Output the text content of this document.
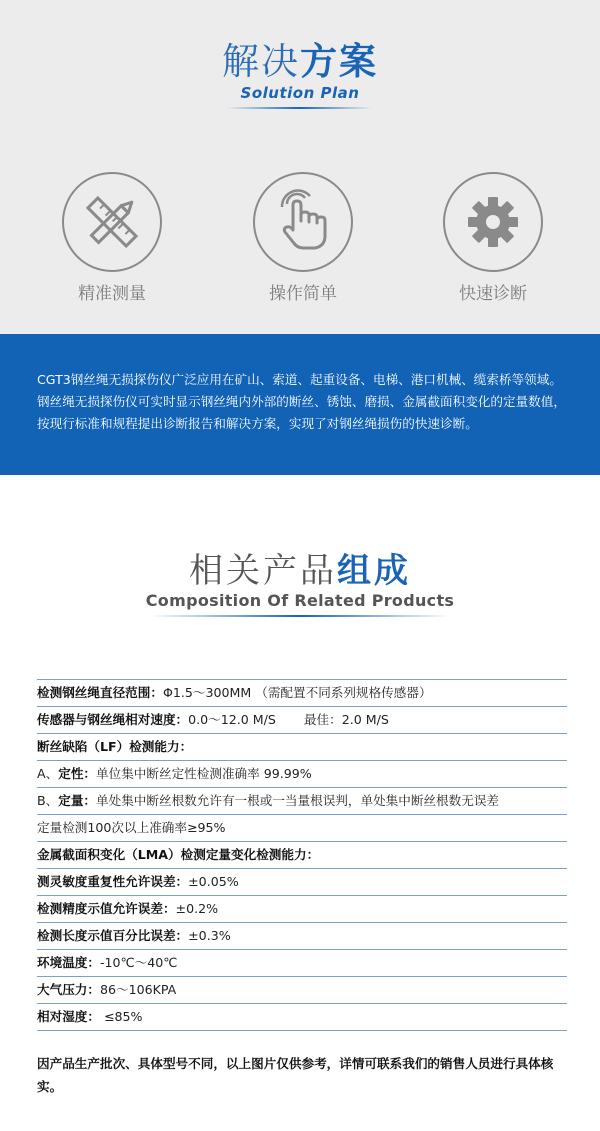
解决方案
Solution Plan
精准测量	操作简单	快速诊断
CGT3钢丝绳无损探伤仪广泛应用在矿山、索道、起重设备、电梯、港口机械、缆索桥等领域。钢丝绳无损探伤仪可实时显示钢丝绳内外部的断丝、锈蚀、磨损、金属截面积变化的定量数值，按现行标准和规程提出诊断报告和解决方案，实现了对钢丝绳损伤的快速诊断。
相关产品组成
Composition Of Related Products
检测钢丝绳直径范围：Φ1.5～300MM （需配置不同系列规格传感器）
传感器与钢丝绳相对速度：0.0～12.0 M/S 最佳：2.0 M/S
断丝缺陷（LF）检测能力：
A、定性：单位集中断丝定性检测准确率 99.99%
B、定量：单处集中断丝根数允许有一根或一当量根误判，单处集中断丝根数无误差
定量检测100次以上准确率≥95%
金属截面积变化（LMA）检测定量变化检测能力：
测灵敏度重复性允许误差：±0.05%
检测精度示值允许误差：±0.2%
检测长度示值百分比误差：±0.3%
环境温度：-10℃～40℃
大气压力：86～106KPA
相对湿度： ≤85%
因产品生产批次、具体型号不同，以上图片仅供参考，详情可联系我们的销售人员进行具体核实。
